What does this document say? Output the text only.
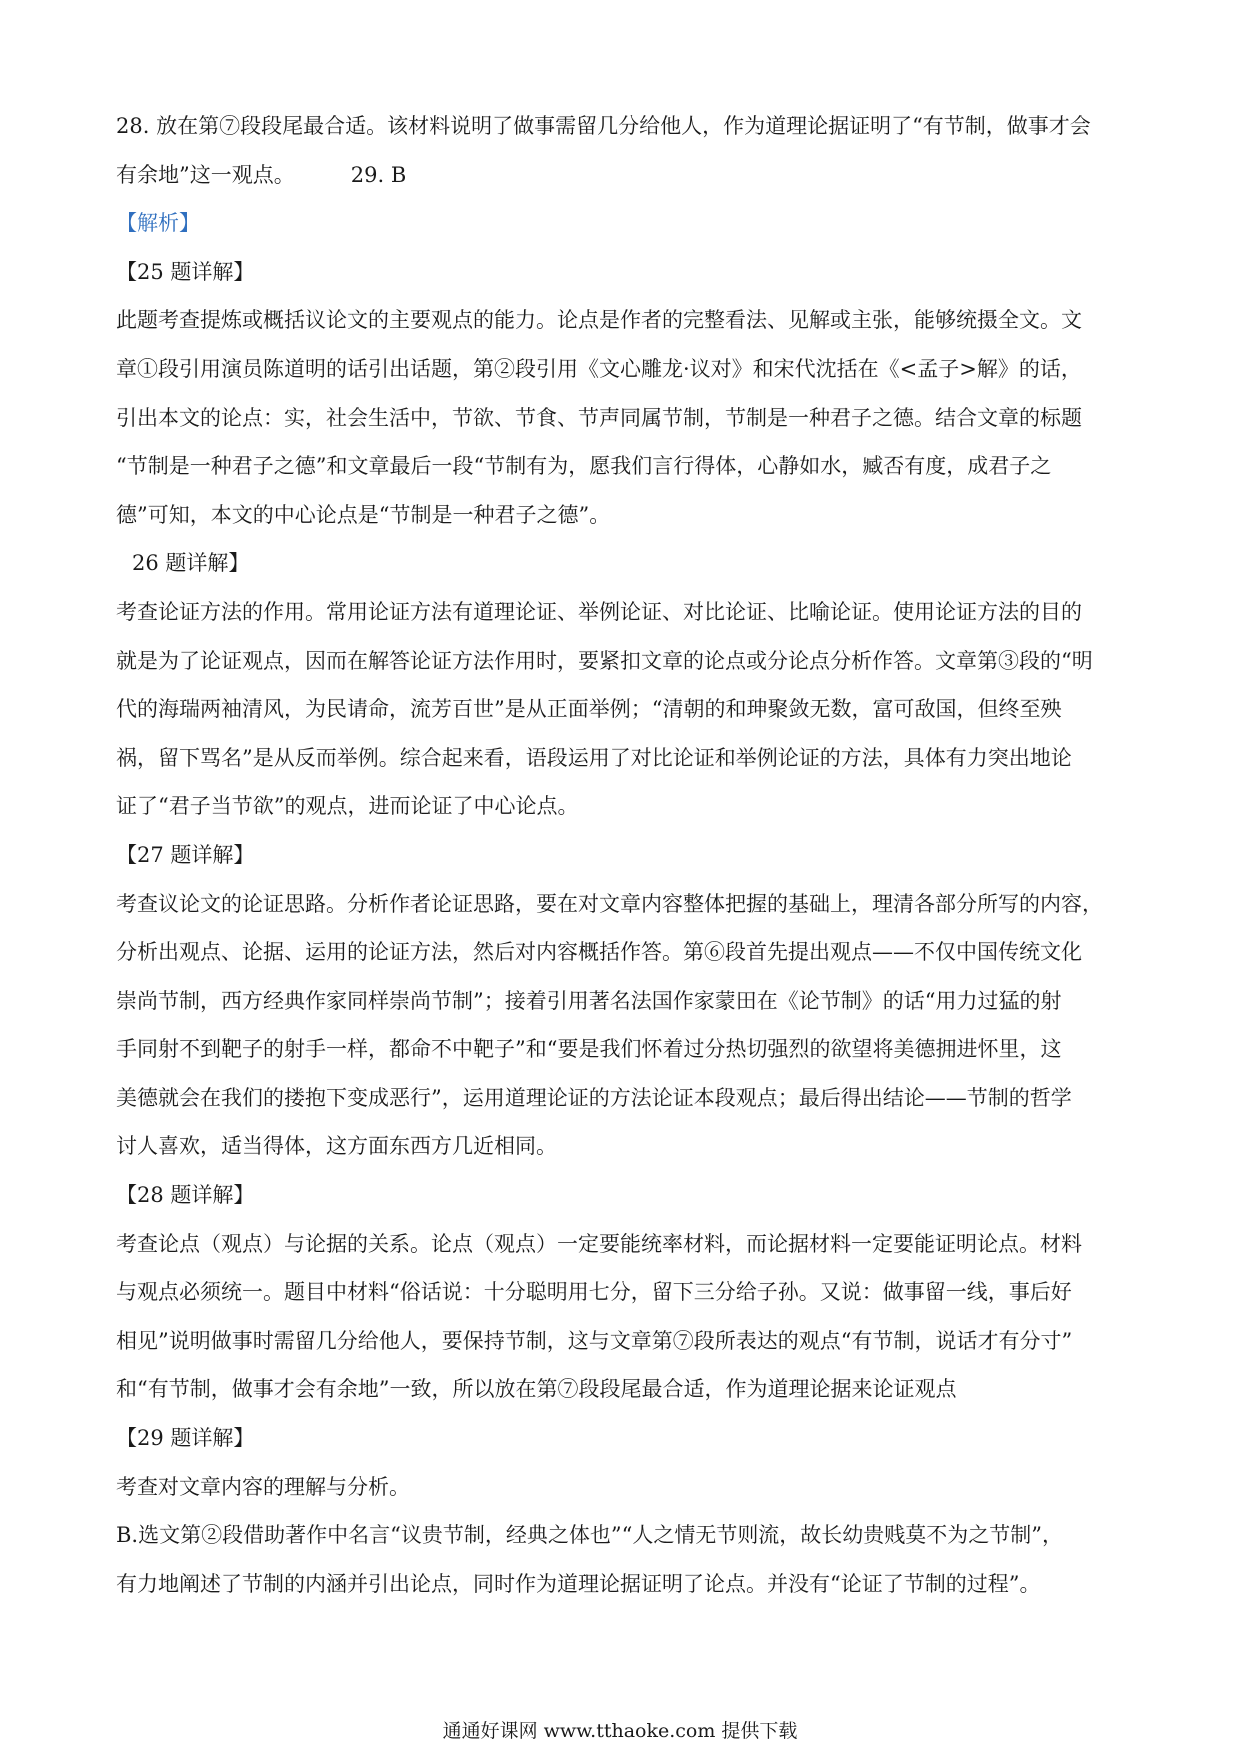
28. 放在第⑦段段尾最合适。该材料说明了做事需留几分给他人，作为道理论据证明了“有节制，做事才会

有余地”这一观点。	29. B

【解析】

【25 题详解】

此题考查提炼或概括议论文的主要观点的能力。论点是作者的完整看法、见解或主张，能够统摄全文。文

章①段引用演员陈道明的话引出话题，第②段引用《文心雕龙·议对》和宋代沈括在《<孟子>解》的话，

引出本文的论点：实，社会生活中，节欲、节食、节声同属节制，节制是一种君子之德。结合文章的标题

“节制是一种君子之德”和文章最后一段“节制有为，愿我们言行得体，心静如水，臧否有度，成君子之

德”可知，本文的中心论点是“节制是一种君子之德”。

26 题详解】

考查论证方法的作用。常用论证方法有道理论证、举例论证、对比论证、比喻论证。使用论证方法的目的

就是为了论证观点，因而在解答论证方法作用时，要紧扣文章的论点或分论点分析作答。文章第③段的“明

代的海瑞两袖清风，为民请命，流芳百世”是从正面举例；“清朝的和珅聚敛无数，富可敌国，但终至殃

祸，留下骂名”是从反而举例。综合起来看，语段运用了对比论证和举例论证的方法，具体有力突出地论

证了“君子当节欲”的观点，进而论证了中心论点。

【27 题详解】

考查议论文的论证思路。分析作者论证思路，要在对文章内容整体把握的基础上，理清各部分所写的内容，

分析出观点、论据、运用的论证方法，然后对内容概括作答。第⑥段首先提出观点——不仅中国传统文化

崇尚节制，西方经典作家同样崇尚节制”；接着引用著名法国作家蒙田在《论节制》的话“用力过猛的射

手同射不到靶子的射手一样，都命不中靶子”和“要是我们怀着过分热切强烈的欲望将美德拥进怀里，这

美德就会在我们的搂抱下变成恶行”，运用道理论证的方法论证本段观点；最后得出结论——节制的哲学

讨人喜欢，适当得体，这方面东西方几近相同。

【28 题详解】

考查论点（观点）与论据的关系。论点（观点）一定要能统率材料，而论据材料一定要能证明论点。材料

与观点必须统一。题目中材料“俗话说：十分聪明用七分，留下三分给子孙。又说：做事留一线，事后好

相见”说明做事时需留几分给他人，要保持节制，这与文章第⑦段所表达的观点“有节制，说话才有分寸”

和“有节制，做事才会有余地”一致，所以放在第⑦段段尾最合适，作为道理论据来论证观点

【29 题详解】

考查对文章内容的理解与分析。

B.选文第②段借助著作中名言“议贵节制，经典之体也”“人之情无节则流，故长幼贵贱莫不为之节制”，

有力地阐述了节制的内涵并引出论点，同时作为道理论据证明了论点。并没有“论证了节制的过程”。

通通好课网 www.tthaoke.com 提供下载
